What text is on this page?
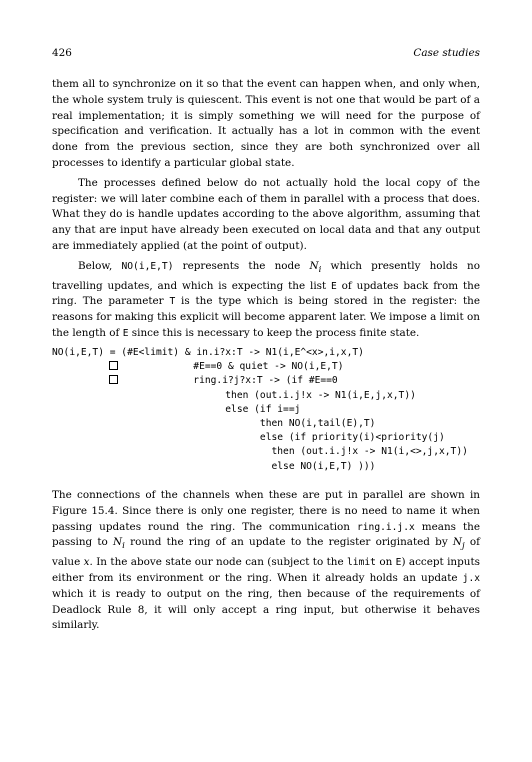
426	Case studies

them all to synchronize on it so that the event can happen when, and only when, the whole system truly is quiescent. This event is not one that would be part of a real implementation; it is simply something we will need for the purpose of specification and verification. It actually has a lot in common with the event done from the previous section, since they are both synchronized over all processes to identify a particular global state.

The processes defined below do not actually hold the local copy of the register: we will later combine each of them in parallel with a process that does. What they do is handle updates according to the above algorithm, assuming that any that are input have already been executed on local data and that any output are immediately applied (at the point of output).

Below, NO(i,E,T) represents the node $N_i$ which presently holds no travelling updates, and which is expecting the list E of updates back from the ring. The parameter T is the type which is being stored in the register: the reasons for making this explicit will become apparent later. We impose a limit on the length of E since this is necessary to keep the process finite state.

NO(i,E,T) = (#E<limit) & in.i?x:T -> N1(i,E^<x>,i,x,T)
#E==0 & quiet -> NO(i,E,T)
ring.i?j?x:T -> (if #E==0
then (out.i.j!x -> N1(i,E,j,x,T))
else (if i==j
then NO(i,tail(E),T)
else (if priority(i)<priority(j)
then (out.i.j!x -> N1(i,<>,j,x,T))
else NO(i,E,T) )))

The connections of the channels when these are put in parallel are shown in Figure 15.4. Since there is only one register, there is no need to name it when passing updates round the ring. The communication ring.i.j.x means the passing to $N_i$ round the ring of an update to the register originated by $N_j$ of value x. In the above state our node can (subject to the limit on E) accept inputs either from its environment or the ring. When it already holds an update j.x which it is ready to output on the ring, then because of the requirements of Deadlock Rule 8, it will only accept a ring input, but otherwise it behaves similarly.
